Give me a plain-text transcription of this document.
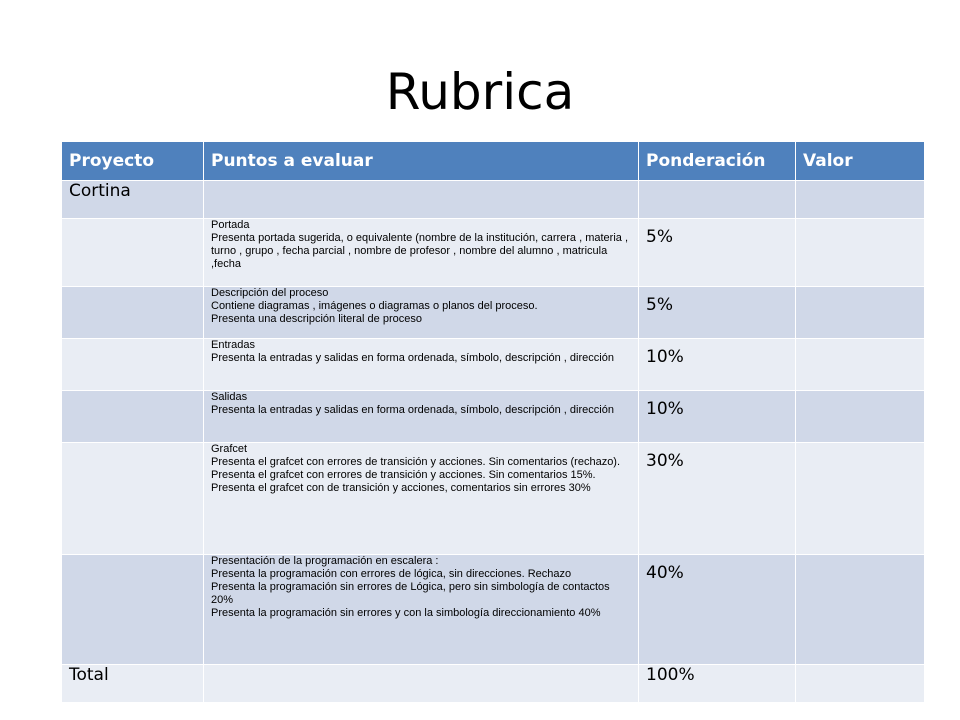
Rubrica
Proyecto	Puntos a evaluar	Ponderación	Valor
Cortina			

	Portada
Presenta portada sugerida, o equivalente (nombre de la institución, carrera , materia , turno , grupo , fecha parcial , nombre de profesor , nombre del alumno , matricula ,fecha	5%	

	Descripción del proceso
Contiene diagramas , imágenes o diagramas o planos del proceso.
Presenta una descripción literal de proceso	5%	

	Entradas
Presenta la entradas y salidas en forma ordenada, símbolo, descripción , dirección	10%	

	Salidas
Presenta la entradas y salidas en forma ordenada, símbolo, descripción , dirección	10%	

	Grafcet
Presenta el grafcet con errores de transición y acciones. Sin comentarios (rechazo).
Presenta el grafcet con errores de transición y acciones. Sin comentarios 15%.
Presenta el grafcet con de transición y acciones, comentarios sin errores 30%	30%	

	Presentación de la programación en escalera :
Presenta la programación con errores de lógica, sin direcciones. Rechazo
Presenta la programación sin errores de Lógica, pero sin simbología de contactos
20%
Presenta la programación sin errores y con la simbología direccionamiento 40%	40%	

Total		100%	
